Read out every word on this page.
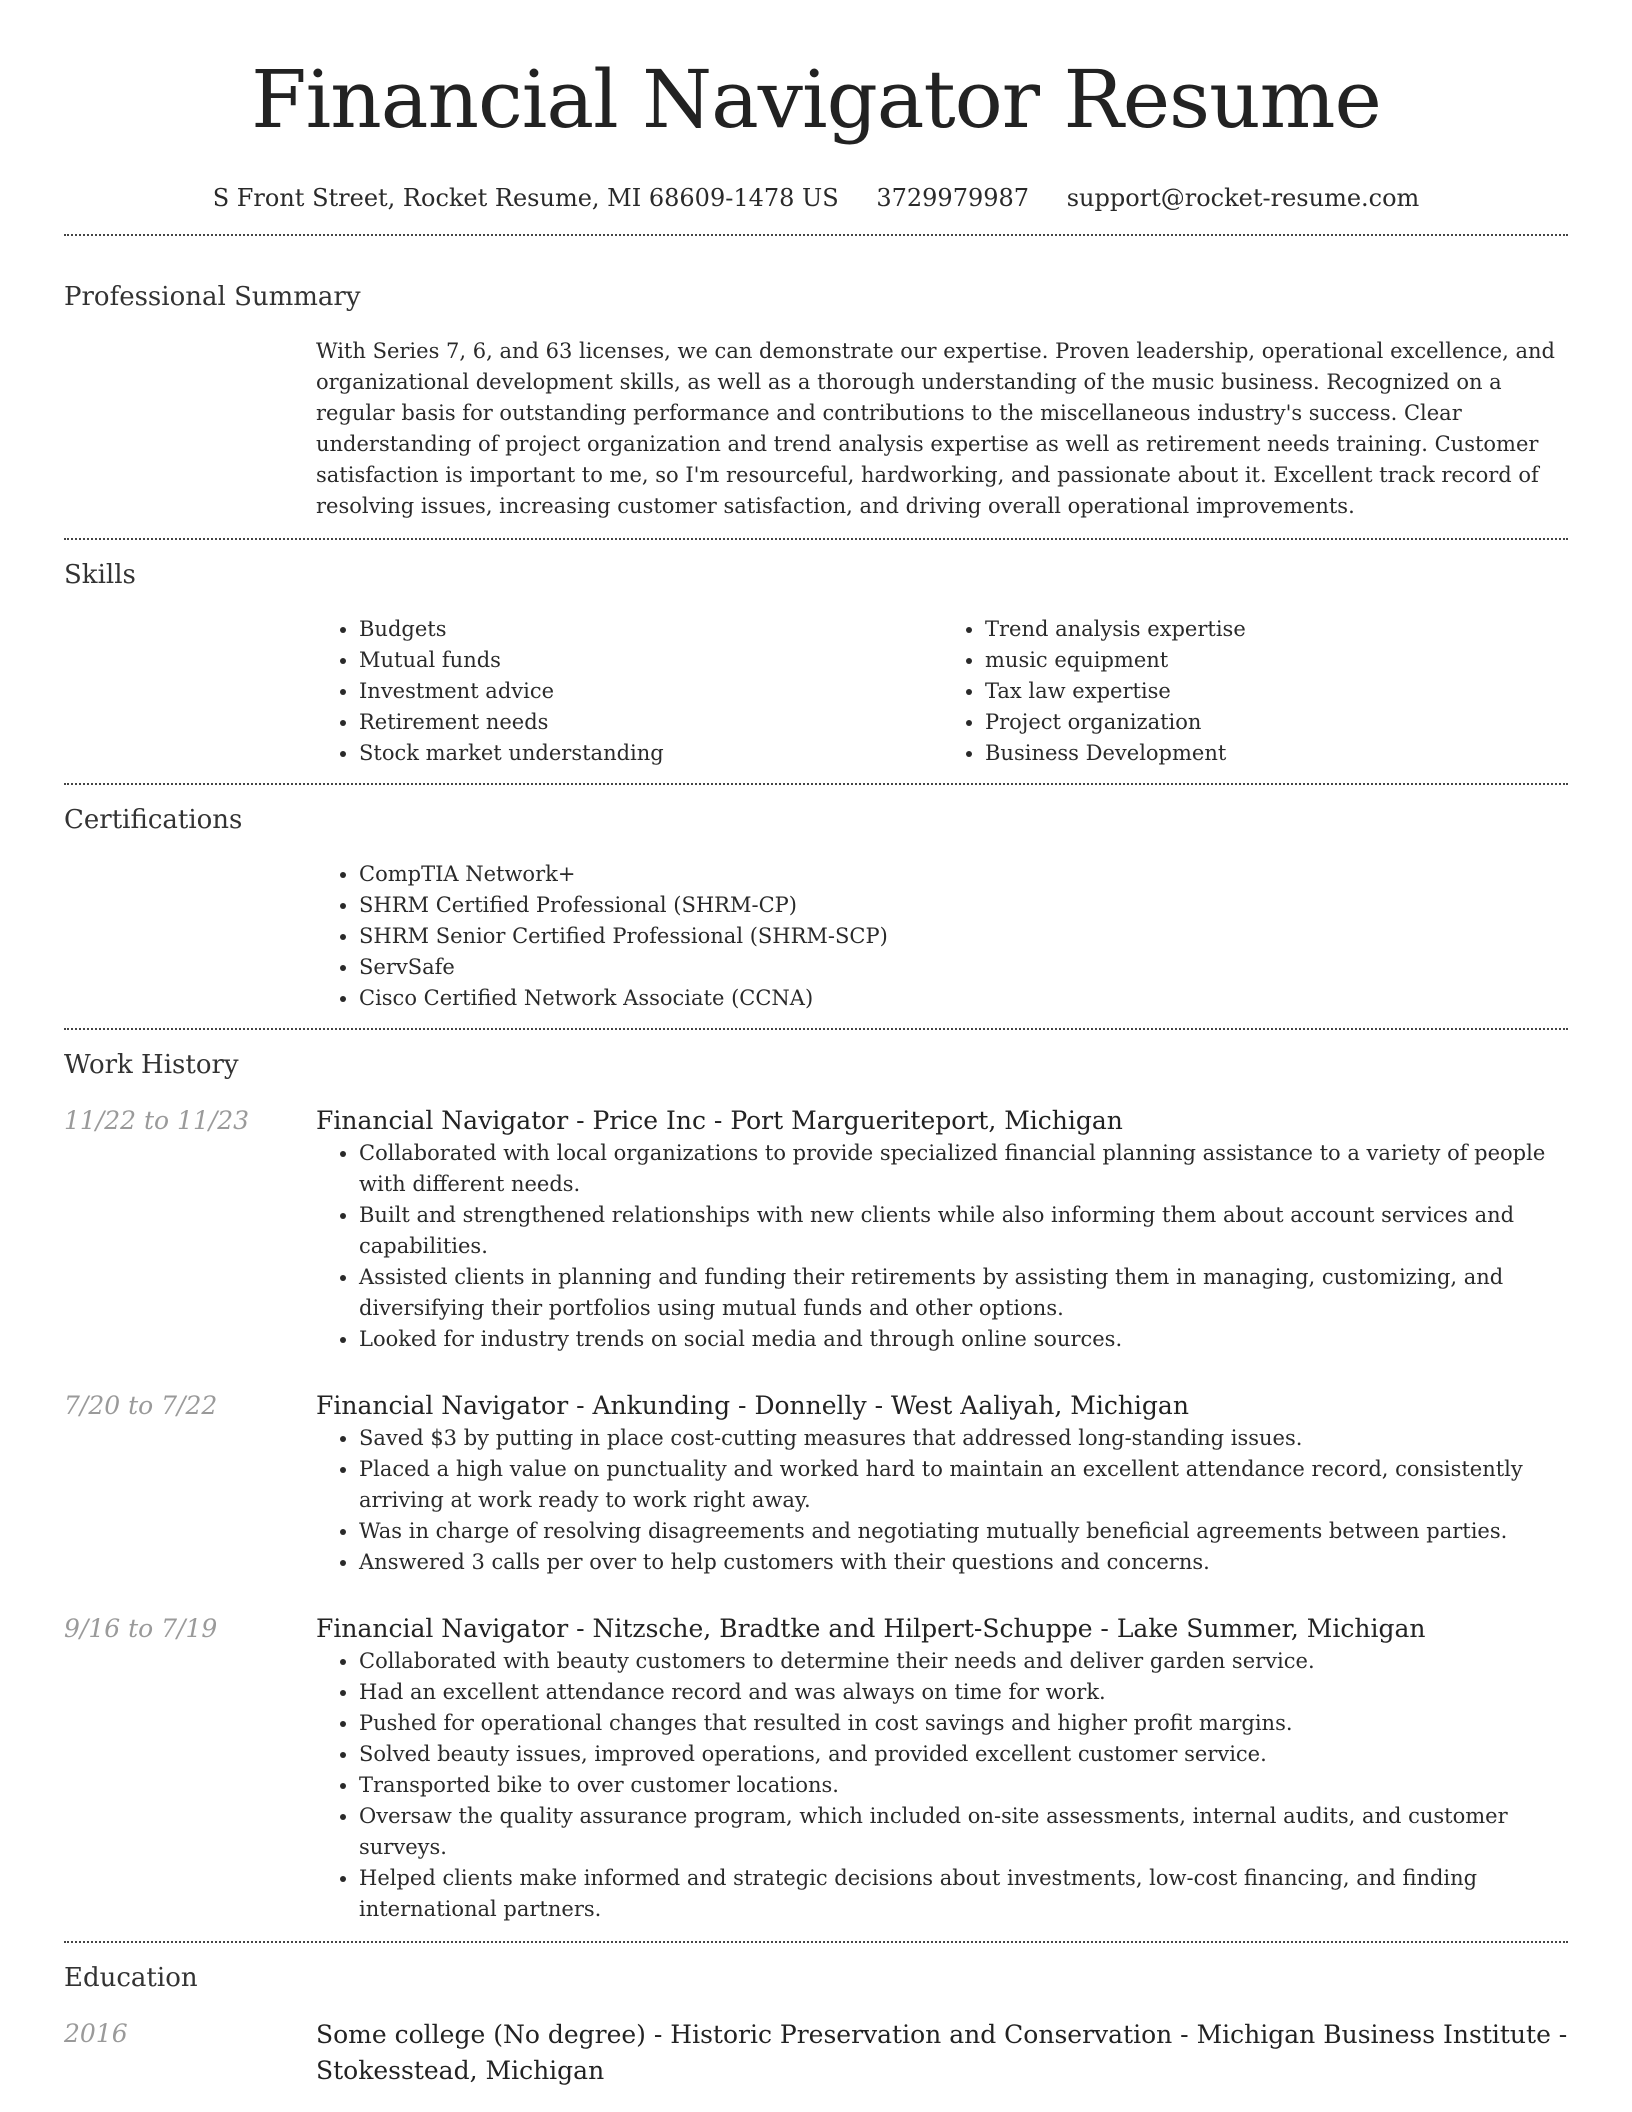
Financial Navigator Resume
S Front Street, Rocket Resume, MI 68609-1478 US 3729979987 support@rocket-resume.com
Professional Summary
With Series 7, 6, and 63 licenses, we can demonstrate our expertise. Proven leadership, operational excellence, and organizational development skills, as well as a thorough understanding of the music business. Recognized on a regular basis for outstanding performance and contributions to the miscellaneous industry's success. Clear understanding of project organization and trend analysis expertise as well as retirement needs training. Customer satisfaction is important to me, so I'm resourceful, hardworking, and passionate about it. Excellent track record of resolving issues, increasing customer satisfaction, and driving overall operational improvements.
Skills
• Budgets
• Mutual funds
• Investment advice
• Retirement needs
• Stock market understanding
• Trend analysis expertise
• music equipment
• Tax law expertise
• Project organization
• Business Development
Certifications
• CompTIA Network+
• SHRM Certified Professional (SHRM-CP)
• SHRM Senior Certified Professional (SHRM-SCP)
• ServSafe
• Cisco Certified Network Associate (CCNA)
Work History
11/22 to 11/23	Financial Navigator - Price Inc - Port Margueriteport, Michigan
• Collaborated with local organizations to provide specialized financial planning assistance to a variety of people with different needs.
• Built and strengthened relationships with new clients while also informing them about account services and capabilities.
• Assisted clients in planning and funding their retirements by assisting them in managing, customizing, and diversifying their portfolios using mutual funds and other options.
• Looked for industry trends on social media and through online sources.
7/20 to 7/22	Financial Navigator - Ankunding - Donnelly - West Aaliyah, Michigan
• Saved $3 by putting in place cost-cutting measures that addressed long-standing issues.
• Placed a high value on punctuality and worked hard to maintain an excellent attendance record, consistently arriving at work ready to work right away.
• Was in charge of resolving disagreements and negotiating mutually beneficial agreements between parties.
• Answered 3 calls per over to help customers with their questions and concerns.
9/16 to 7/19	Financial Navigator - Nitzsche, Bradtke and Hilpert-Schuppe - Lake Summer, Michigan
• Collaborated with beauty customers to determine their needs and deliver garden service.
• Had an excellent attendance record and was always on time for work.
• Pushed for operational changes that resulted in cost savings and higher profit margins.
• Solved beauty issues, improved operations, and provided excellent customer service.
• Transported bike to over customer locations.
• Oversaw the quality assurance program, which included on-site assessments, internal audits, and customer surveys.
• Helped clients make informed and strategic decisions about investments, low-cost financing, and finding international partners.
Education
2016	Some college (No degree) - Historic Preservation and Conservation - Michigan Business Institute - Stokesstead, Michigan
